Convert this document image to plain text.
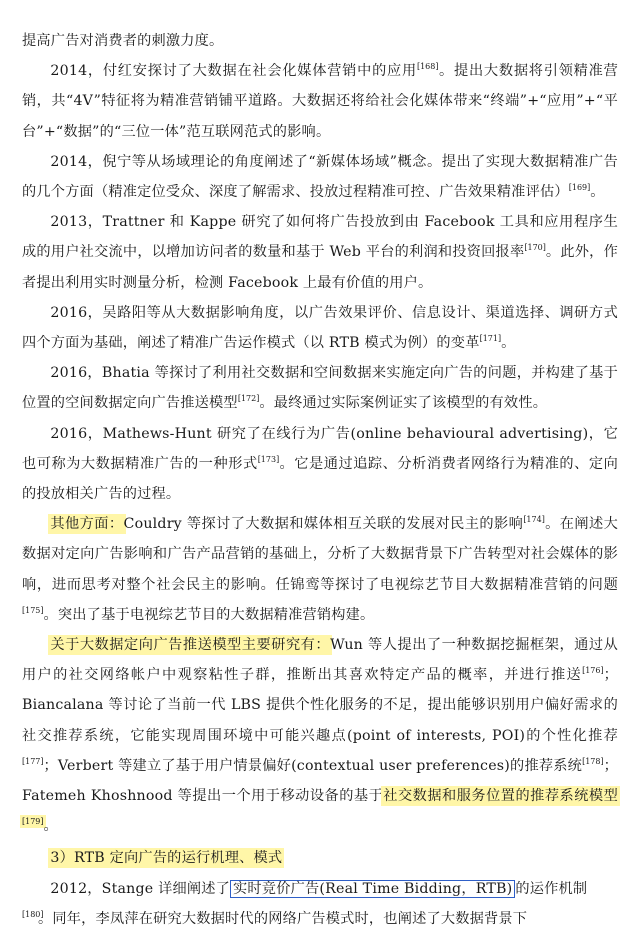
提高广告对消费者的刺激力度。

2014，付红安探讨了大数据在社会化媒体营销中的应用[168]。提出大数据将引领精准营销，共“4V”特征将为精准营销铺平道路。大数据还将给社会化媒体带来“终端”+“应用”+“平台”+“数据”的“三位一体”范互联网范式的影响。

2014，倪宁等从场域理论的角度阐述了“新媒体场域”概念。提出了实现大数据精准广告的几个方面（精准定位受众、深度了解需求、投放过程精准可控、广告效果精准评估）[169]。

2013，Trattner 和 Kappe 研究了如何将广告投放到由 Facebook 工具和应用程序生成的用户社交流中，以增加访问者的数量和基于 Web 平台的利润和投资回报率[170]。此外，作者提出利用实时测量分析，检测 Facebook 上最有价值的用户。

2016，吴路阳等从大数据影响角度，以广告效果评价、信息设计、渠道选择、调研方式四个方面为基础，阐述了精准广告运作模式（以 RTB 模式为例）的变革[171]。

2016，Bhatia 等探讨了利用社交数据和空间数据来实施定向广告的问题，并构建了基于位置的空间数据定向广告推送模型[172]。最终通过实际案例证实了该模型的有效性。

2016，Mathews-Hunt 研究了在线行为广告(online behavioural advertising)，它也可称为大数据精准广告的一种形式[173]。它是通过追踪、分析消费者网络行为精准的、定向的投放相关广告的过程。

其他方面：Couldry 等探讨了大数据和媒体相互关联的发展对民主的影响[174]。在阐述大数据对定向广告影响和广告产品营销的基础上，分析了大数据背景下广告转型对社会媒体的影响，进而思考对整个社会民主的影响。任锦鸾等探讨了电视综艺节目大数据精准营销的问题[175]。突出了基于电视综艺节目的大数据精准营销构建。

关于大数据定向广告推送模型主要研究有：Wun 等人提出了一种数据挖掘框架，通过从用户的社交网络帐户中观察粘性子群，推断出其喜欢特定产品的概率，并进行推送[176]；Biancalana 等讨论了当前一代 LBS 提供个性化服务的不足，提出能够识别用户偏好需求的社交推荐系统，它能实现周围环境中可能兴趣点(point of interests, POI)的个性化推荐[177]；Verbert 等建立了基于用户情景偏好(contextual user preferences)的推荐系统[178]；Fatemeh Khoshnood 等提出一个用于移动设备的基于社交数据和服务位置的推荐系统模型[179]。

3）RTB 定向广告的运行机理、模式

2012，Stange 详细阐述了 实时竞价广告(Real Time Bidding，RTB) 的运作机制

[180]。同年，李凤萍在研究大数据时代的网络广告模式时，也阐述了大数据背景下
